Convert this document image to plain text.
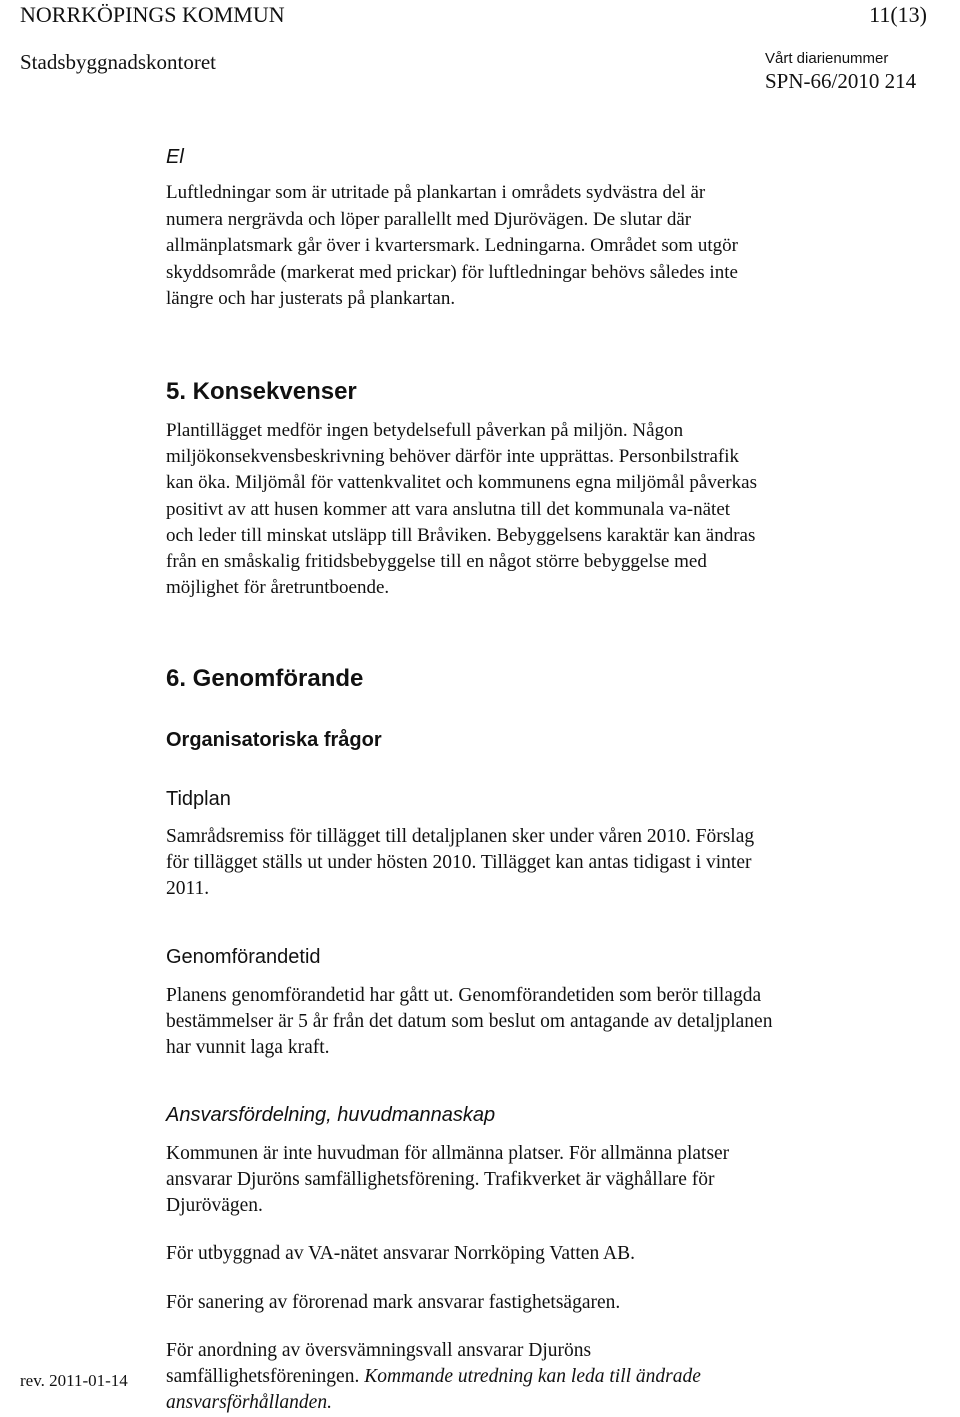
NORRKÖPINGS KOMMUN	11(13)
Stadsbyggnadskontoret	Vårt diarienummer
SPN-66/2010 214
El
Luftledningar som är utritade på plankartan i områdets sydvästra del är
numera nergrävda och löper parallellt med Djurövägen. De slutar där
allmänplatsmark går över i kvartersmark. Ledningarna. Området som utgör
skyddsområde (markerat med prickar) för luftledningar behövs således inte
längre och har justerats på plankartan.
5. Konsekvenser
Plantillägget medför ingen betydelsefull påverkan på miljön. Någon
miljökonsekvensbeskrivning behöver därför inte upprättas. Personbilstrafik
kan öka. Miljömål för vattenkvalitet och kommunens egna miljömål påverkas
positivt av att husen kommer att vara anslutna till det kommunala va-nätet
och leder till minskat utsläpp till Bråviken. Bebyggelsens karaktär kan ändras
från en småskalig fritidsbebyggelse till en något större bebyggelse med
möjlighet för åretruntboende.
6. Genomförande
Organisatoriska frågor
Tidplan
Samrådsremiss för tillägget till detaljplanen sker under våren 2010. Förslag
för tillägget ställs ut under hösten 2010. Tillägget kan antas tidigast i vinter
2011.
Genomförandetid
Planens genomförandetid har gått ut. Genomförandetiden som berör tillagda
bestämmelser är 5 år från det datum som beslut om antagande av detaljplanen
har vunnit laga kraft.
Ansvarsfördelning, huvudmannaskap
Kommunen är inte huvudman för allmänna platser. För allmänna platser
ansvarar Djuröns samfällighetsförening. Trafikverket är väghållare för
Djurövägen.
För utbyggnad av VA-nätet ansvarar Norrköping Vatten AB.
För sanering av förorenad mark ansvarar fastighetsägaren.
För anordning av översvämningsvall ansvarar Djuröns
samfällighetsföreningen. Kommande utredning kan leda till ändrade
ansvarsförhållanden.
rev. 2011-01-14
